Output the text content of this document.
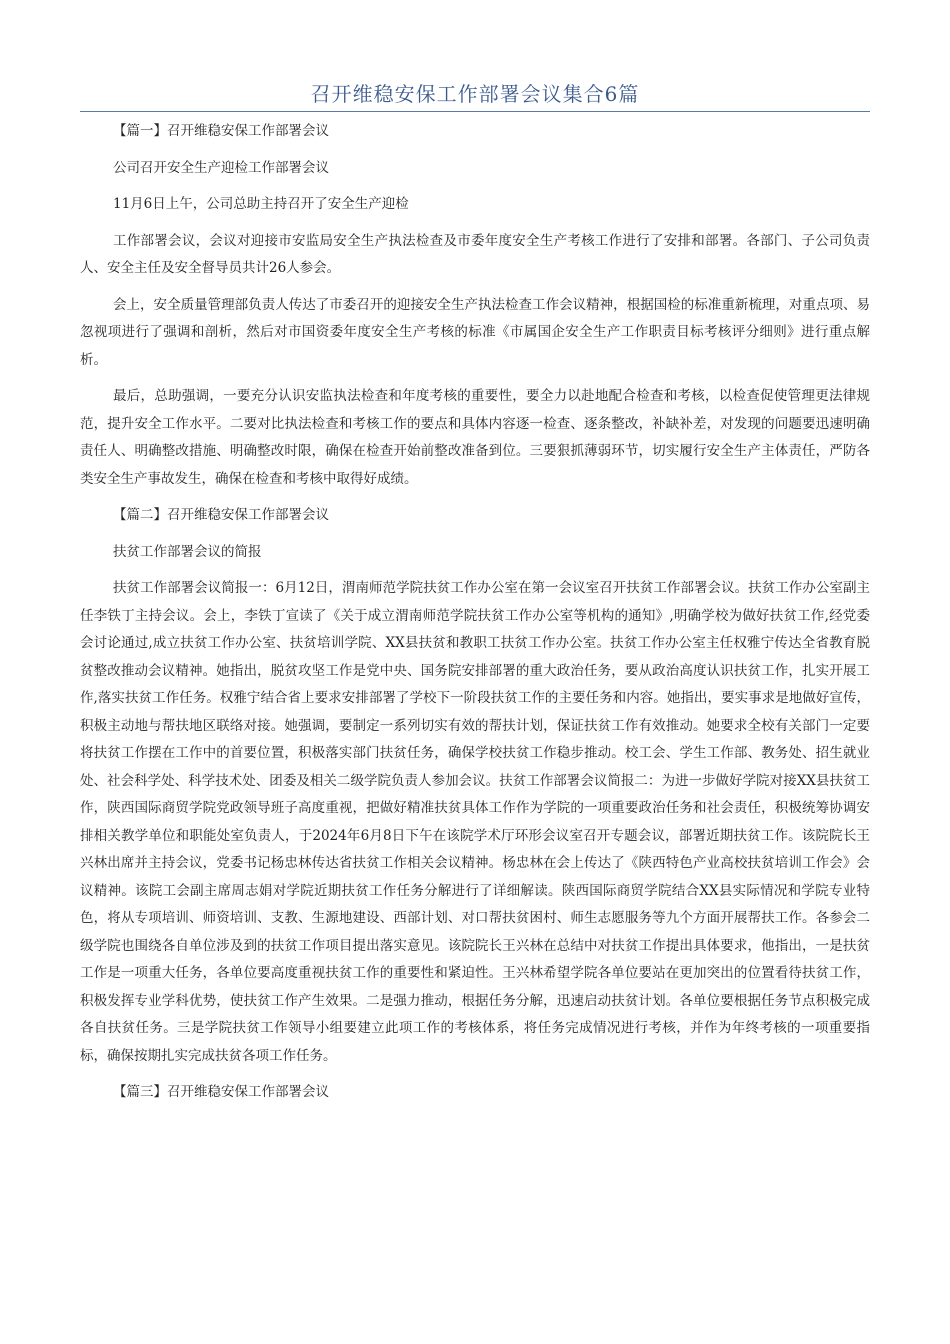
召开维稳安保工作部署会议集合6篇
【篇一】召开维稳安保工作部署会议
公司召开安全生产迎检工作部署会议

11月6日上午，公司总助主持召开了安全生产迎检

工作部署会议，会议对迎接市安监局安全生产执法检查及市委年度安全生产考核工作进行了安排和部署。各部门、子公司负责人、安全主任及安全督导员共计26人参会。

会上，安全质量管理部负责人传达了市委召开的迎接安全生产执法检查工作会议精神，根据国检的标准重新梳理，对重点项、易忽视项进行了强调和剖析，然后对市国资委年度安全生产考核的标准《市属国企安全生产工作职责目标考核评分细则》进行重点解析。

最后，总助强调，一要充分认识安监执法检查和年度考核的重要性，要全力以赴地配合检查和考核，以检查促使管理更法律规范，提升安全工作水平。二要对比执法检查和考核工作的要点和具体内容逐一检查、逐条整改，补缺补差，对发现的问题要迅速明确责任人、明确整改措施、明确整改时限，确保在检查开始前整改准备到位。三要狠抓薄弱环节，切实履行安全生产主体责任，严防各类安全生产事故发生，确保在检查和考核中取得好成绩。

【篇二】召开维稳安保工作部署会议
扶贫工作部署会议的简报

扶贫工作部署会议简报一：6月12日，渭南师范学院扶贫工作办公室在第一会议室召开扶贫工作部署会议。扶贫工作办公室副主任李铁丁主持会议。会上，李铁丁宣读了《关于成立渭南师范学院扶贫工作办公室等机构的通知》,明确学校为做好扶贫工作,经党委会讨论通过,成立扶贫工作办公室、扶贫培训学院、XX县扶贫和教职工扶贫工作办公室。扶贫工作办公室主任权雅宁传达全省教育脱贫整改推动会议精神。她指出，脱贫攻坚工作是党中央、国务院安排部署的重大政治任务，要从政治高度认识扶贫工作，扎实开展工作,落实扶贫工作任务。权雅宁结合省上要求安排部署了学校下一阶段扶贫工作的主要任务和内容。她指出，要实事求是地做好宣传，积极主动地与帮扶地区联络对接。她强调，要制定一系列切实有效的帮扶计划，保证扶贫工作有效推动。她要求全校有关部门一定要将扶贫工作摆在工作中的首要位置，积极落实部门扶贫任务，确保学校扶贫工作稳步推动。校工会、学生工作部、教务处、招生就业处、社会科学处、科学技术处、团委及相关二级学院负责人参加会议。扶贫工作部署会议简报二：为进一步做好学院对接XX县扶贫工作，陕西国际商贸学院党政领导班子高度重视，把做好精准扶贫具体工作作为学院的一项重要政治任务和社会责任，积极统筹协调安排相关教学单位和职能处室负责人，于2024年6月8日下午在该院学术厅环形会议室召开专题会议，部署近期扶贫工作。该院院长王兴林出席并主持会议，党委书记杨忠林传达省扶贫工作相关会议精神。杨忠林在会上传达了《陕西特色产业高校扶贫培训工作会》会议精神。该院工会副主席周志娟对学院近期扶贫工作任务分解进行了详细解读。陕西国际商贸学院结合XX县实际情况和学院专业特色，将从专项培训、师资培训、支教、生源地建设、西部计划、对口帮扶贫困村、师生志愿服务等九个方面开展帮扶工作。各参会二级学院也围绕各自单位涉及到的扶贫工作项目提出落实意见。该院院长王兴林在总结中对扶贫工作提出具体要求，他指出，一是扶贫工作是一项重大任务，各单位要高度重视扶贫工作的重要性和紧迫性。王兴林希望学院各单位要站在更加突出的位置看待扶贫工作，积极发挥专业学科优势，使扶贫工作产生效果。二是强力推动，根据任务分解，迅速启动扶贫计划。各单位要根据任务节点积极完成各自扶贫任务。三是学院扶贫工作领导小组要建立此项工作的考核体系，将任务完成情况进行考核，并作为年终考核的一项重要指标，确保按期扎实完成扶贫各项工作任务。

【篇三】召开维稳安保工作部署会议
